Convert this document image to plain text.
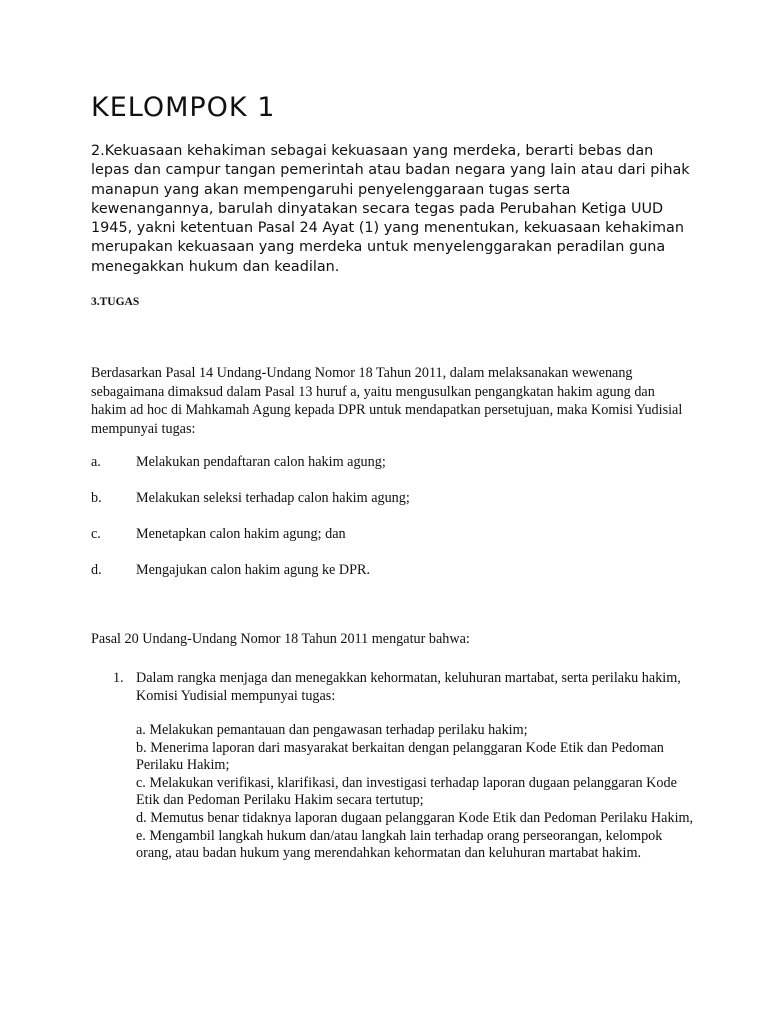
KELOMPOK 1

2.Kekuasaan kehakiman sebagai kekuasaan yang merdeka, berarti bebas dan lepas dan campur tangan pemerintah atau badan negara yang lain atau dari pihak manapun yang akan mempengaruhi penyelenggaraan tugas serta kewenangannya, barulah dinyatakan secara tegas pada Perubahan Ketiga UUD 1945, yakni ketentuan Pasal 24 Ayat (1) yang menentukan, kekuasaan kehakiman merupakan kekuasaan yang merdeka untuk menyelenggarakan peradilan guna menegakkan hukum dan keadilan.

3.TUGAS

Berdasarkan Pasal 14 Undang-Undang Nomor 18 Tahun 2011, dalam melaksanakan wewenang sebagaimana dimaksud dalam Pasal 13 huruf a, yaitu mengusulkan pengangkatan hakim agung dan hakim ad hoc di Mahkamah Agung kepada DPR untuk mendapatkan persetujuan, maka Komisi Yudisial mempunyai tugas:

a.	Melakukan pendaftaran calon hakim agung;
b.	Melakukan seleksi terhadap calon hakim agung;
c.	Menetapkan calon hakim agung; dan
d.	Mengajukan calon hakim agung ke DPR.

Pasal 20 Undang-Undang Nomor 18 Tahun 2011 mengatur bahwa:

1. Dalam rangka menjaga dan menegakkan kehormatan, keluhuran martabat, serta perilaku hakim, Komisi Yudisial mempunyai tugas:
a. Melakukan pemantauan dan pengawasan terhadap perilaku hakim;
b. Menerima laporan dari masyarakat berkaitan dengan pelanggaran Kode Etik dan Pedoman Perilaku Hakim;
c. Melakukan verifikasi, klarifikasi, dan investigasi terhadap laporan dugaan pelanggaran Kode Etik dan Pedoman Perilaku Hakim secara tertutup;
d. Memutus benar tidaknya laporan dugaan pelanggaran Kode Etik dan Pedoman Perilaku Hakim,
e. Mengambil langkah hukum dan/atau langkah lain terhadap orang perseorangan, kelompok orang, atau badan hukum yang merendahkan kehormatan dan keluhuran martabat hakim.
